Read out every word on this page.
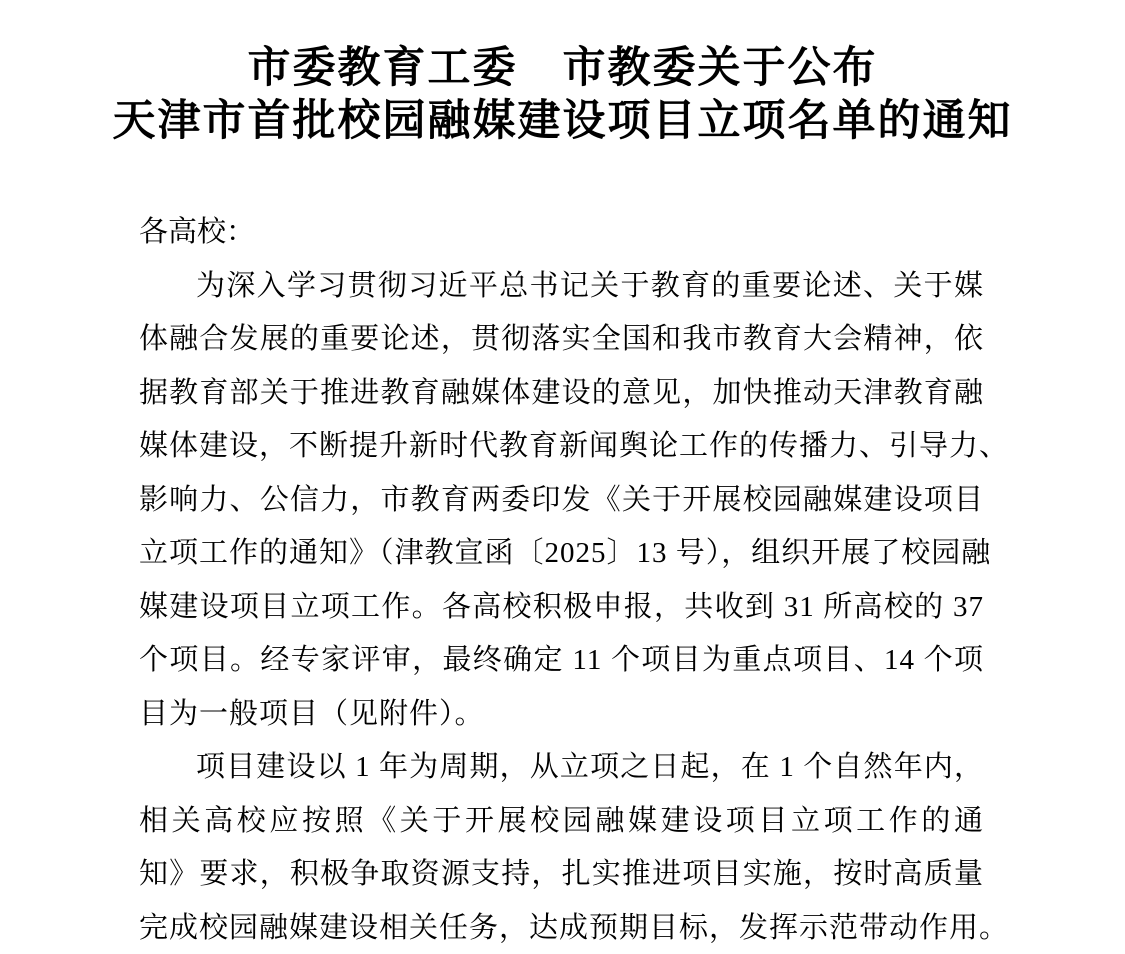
市委教育工委　市教委关于公布
天津市首批校园融媒建设项目立项名单的通知
各高校：
为深入学习贯彻习近平总书记关于教育的重要论述、关于媒
体融合发展的重要论述，贯彻落实全国和我市教育大会精神，依
据教育部关于推进教育融媒体建设的意见，加快推动天津教育融
媒体建设，不断提升新时代教育新闻舆论工作的传播力、引导力、
影响力、公信力，市教育两委印发《关于开展校园融媒建设项目
立项工作的通知》（津教宣函〔2025〕13 号），组织开展了校园融
媒建设项目立项工作。各高校积极申报，共收到 31 所高校的 37
个项目。经专家评审，最终确定 11 个项目为重点项目、14 个项
目为一般项目（见附件）。
项目建设以 1 年为周期，从立项之日起，在 1 个自然年内，
相关高校应按照《关于开展校园融媒建设项目立项工作的通
知》要求，积极争取资源支持，扎实推进项目实施，按时高质量
完成校园融媒建设相关任务，达成预期目标，发挥示范带动作用。
